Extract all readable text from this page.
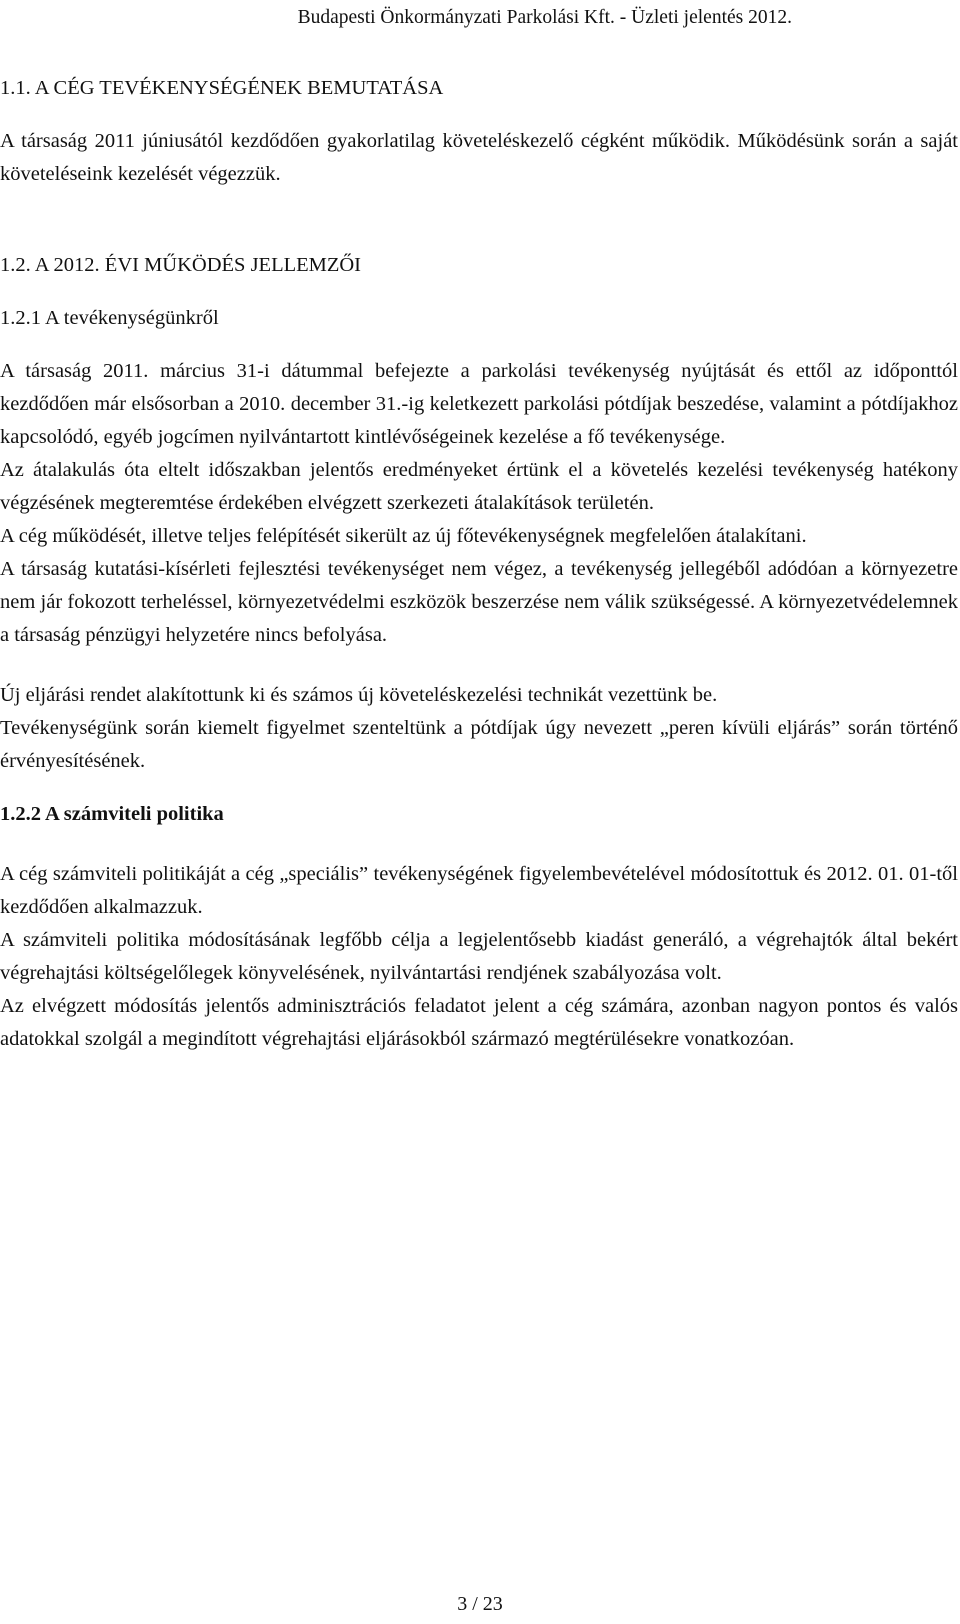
Budapesti Önkormányzati Parkolási Kft. - Üzleti jelentés 2012.

1.1. A CÉG TEVÉKENYSÉGÉNEK BEMUTATÁSA

A társaság 2011 júniusától kezdődően gyakorlatilag követeléskezelő cégként működik. Működésünk során a saját követeléseink kezelését végezzük.

1.2. A 2012. ÉVI MŰKÖDÉS JELLEMZŐI

1.2.1 A tevékenységünkről

A társaság 2011. március 31-i dátummal befejezte a parkolási tevékenység nyújtását és ettől az időponttól kezdődően már elsősorban a 2010. december 31.-ig keletkezett parkolási pótdíjak beszedése, valamint a pótdíjakhoz kapcsolódó, egyéb jogcímen nyilvántartott kintlévőségeinek kezelése a fő tevékenysége.

Az átalakulás óta eltelt időszakban jelentős eredményeket értünk el a követelés kezelési tevékenység hatékony végzésének megteremtése érdekében elvégzett szerkezeti átalakítások területén.

A cég működését, illetve teljes felépítését sikerült az új főtevékenységnek megfelelően átalakítani.

A társaság kutatási-kísérleti fejlesztési tevékenységet nem végez, a tevékenység jellegéből adódóan a környezetre nem jár fokozott terheléssel, környezetvédelmi eszközök beszerzése nem válik szükségessé. A környezetvédelemnek a társaság pénzügyi helyzetére nincs befolyása.

Új eljárási rendet alakítottunk ki és számos új követeléskezelési technikát vezettünk be.

Tevékenységünk során kiemelt figyelmet szenteltünk a pótdíjak úgy nevezett „peren kívüli eljárás” során történő érvényesítésének.

1.2.2 A számviteli politika

A cég számviteli politikáját a cég „speciális” tevékenységének figyelembevételével módosítottuk és 2012. 01. 01-től kezdődően alkalmazzuk.

A számviteli politika módosításának legfőbb célja a legjelentősebb kiadást generáló, a végrehajtók által bekért végrehajtási költségelőlegek könyvelésének, nyilvántartási rendjének szabályozása volt.

Az elvégzett módosítás jelentős adminisztrációs feladatot jelent a cég számára, azonban nagyon pontos és valós adatokkal szolgál a megindított végrehajtási eljárásokból származó megtérülésekre vonatkozóan.

3 / 23
